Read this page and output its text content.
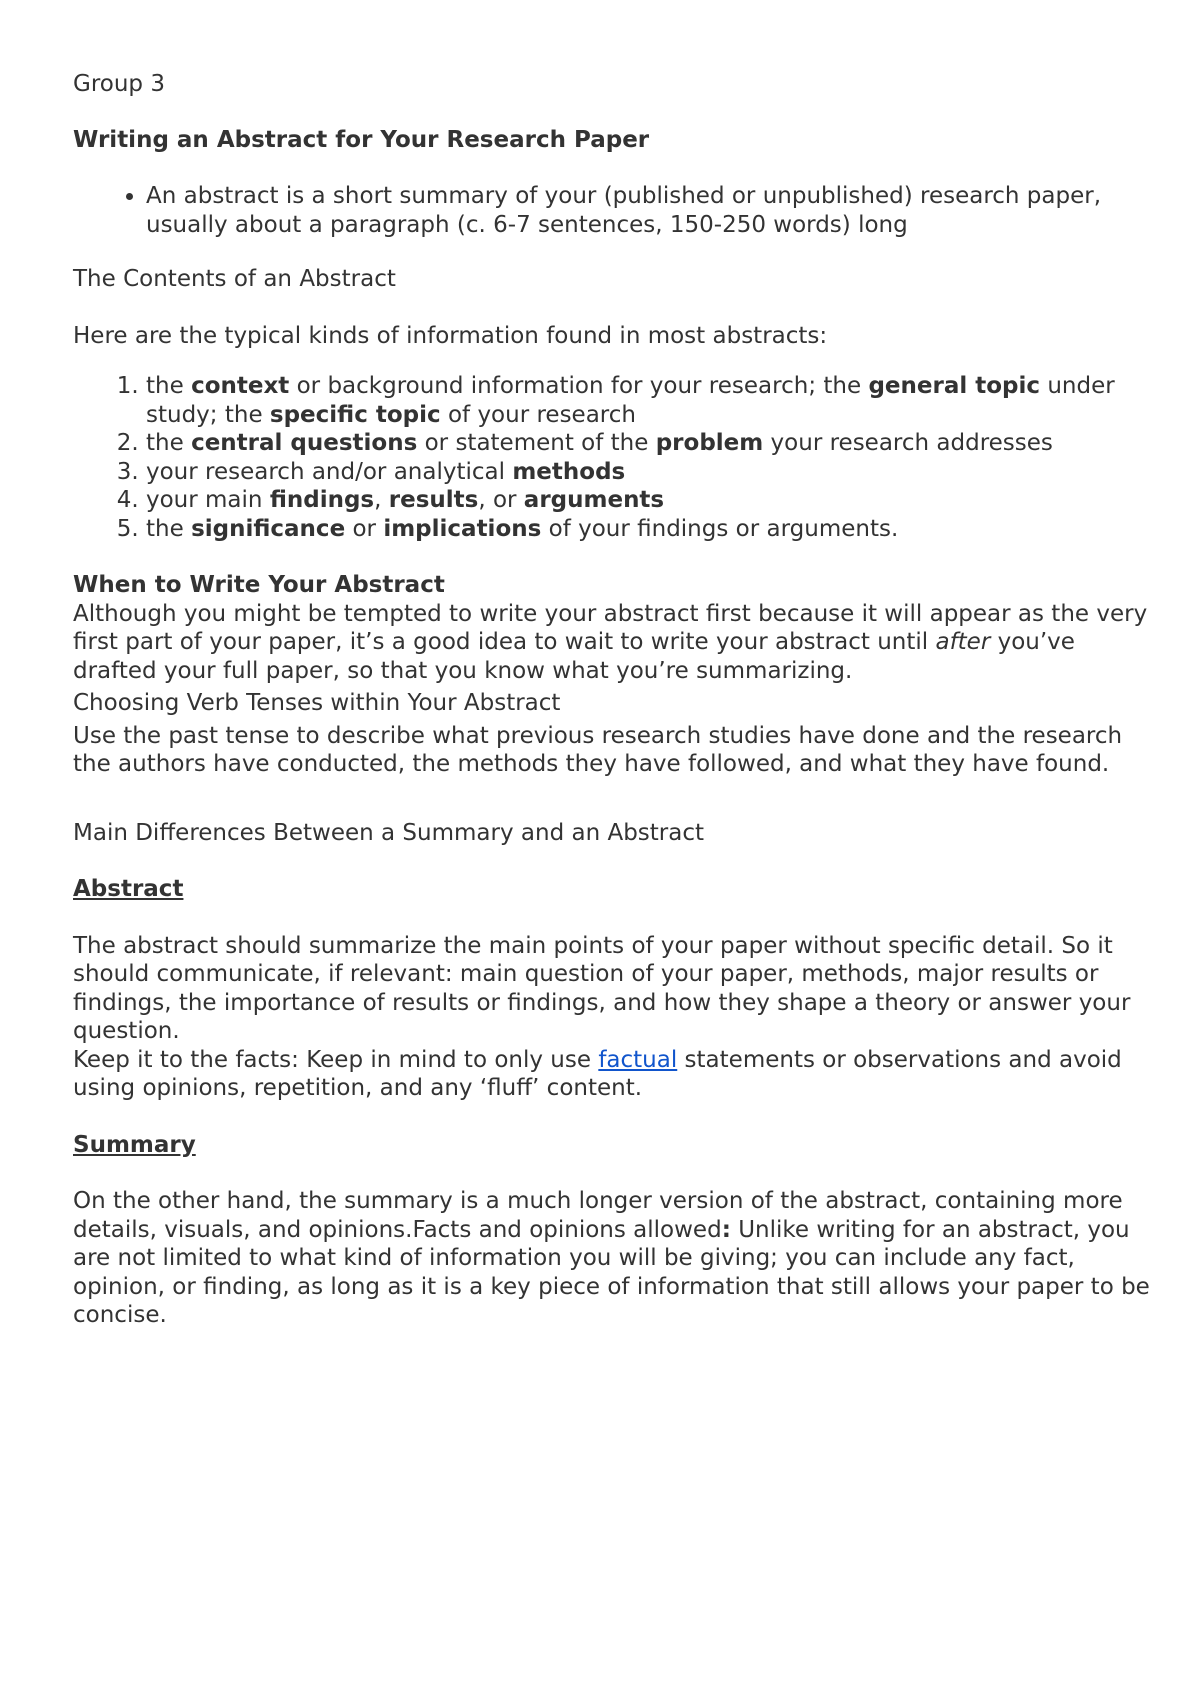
Group 3

Writing an Abstract for Your Research Paper

• An abstract is a short summary of your (published or unpublished) research paper, usually about a paragraph (c. 6-7 sentences, 150-250 words) long

The Contents of an Abstract

Here are the typical kinds of information found in most abstracts:

1. the context or background information for your research; the general topic under study; the specific topic of your research
2. the central questions or statement of the problem your research addresses
3. your research and/or analytical methods
4. your main findings, results, or arguments
5. the significance or implications of your findings or arguments.

When to Write Your Abstract

Although you might be tempted to write your abstract first because it will appear as the very first part of your paper, it’s a good idea to wait to write your abstract until after you’ve drafted your full paper, so that you know what you’re summarizing.

Choosing Verb Tenses within Your Abstract

Use the past tense to describe what previous research studies have done and the research the authors have conducted, the methods they have followed, and what they have found.

Main Differences Between a Summary and an Abstract

Abstract

The abstract should summarize the main points of your paper without specific detail. So it should communicate, if relevant: main question of your paper, methods, major results or findings, the importance of results or findings, and how they shape a theory or answer your question.

Keep it to the facts: Keep in mind to only use factual statements or observations and avoid using opinions, repetition, and any ‘fluff’ content.

Summary

On the other hand, the summary is a much longer version of the abstract, containing more details, visuals, and opinions.Facts and opinions allowed: Unlike writing for an abstract, you are not limited to what kind of information you will be giving; you can include any fact, opinion, or finding, as long as it is a key piece of information that still allows your paper to be concise.
